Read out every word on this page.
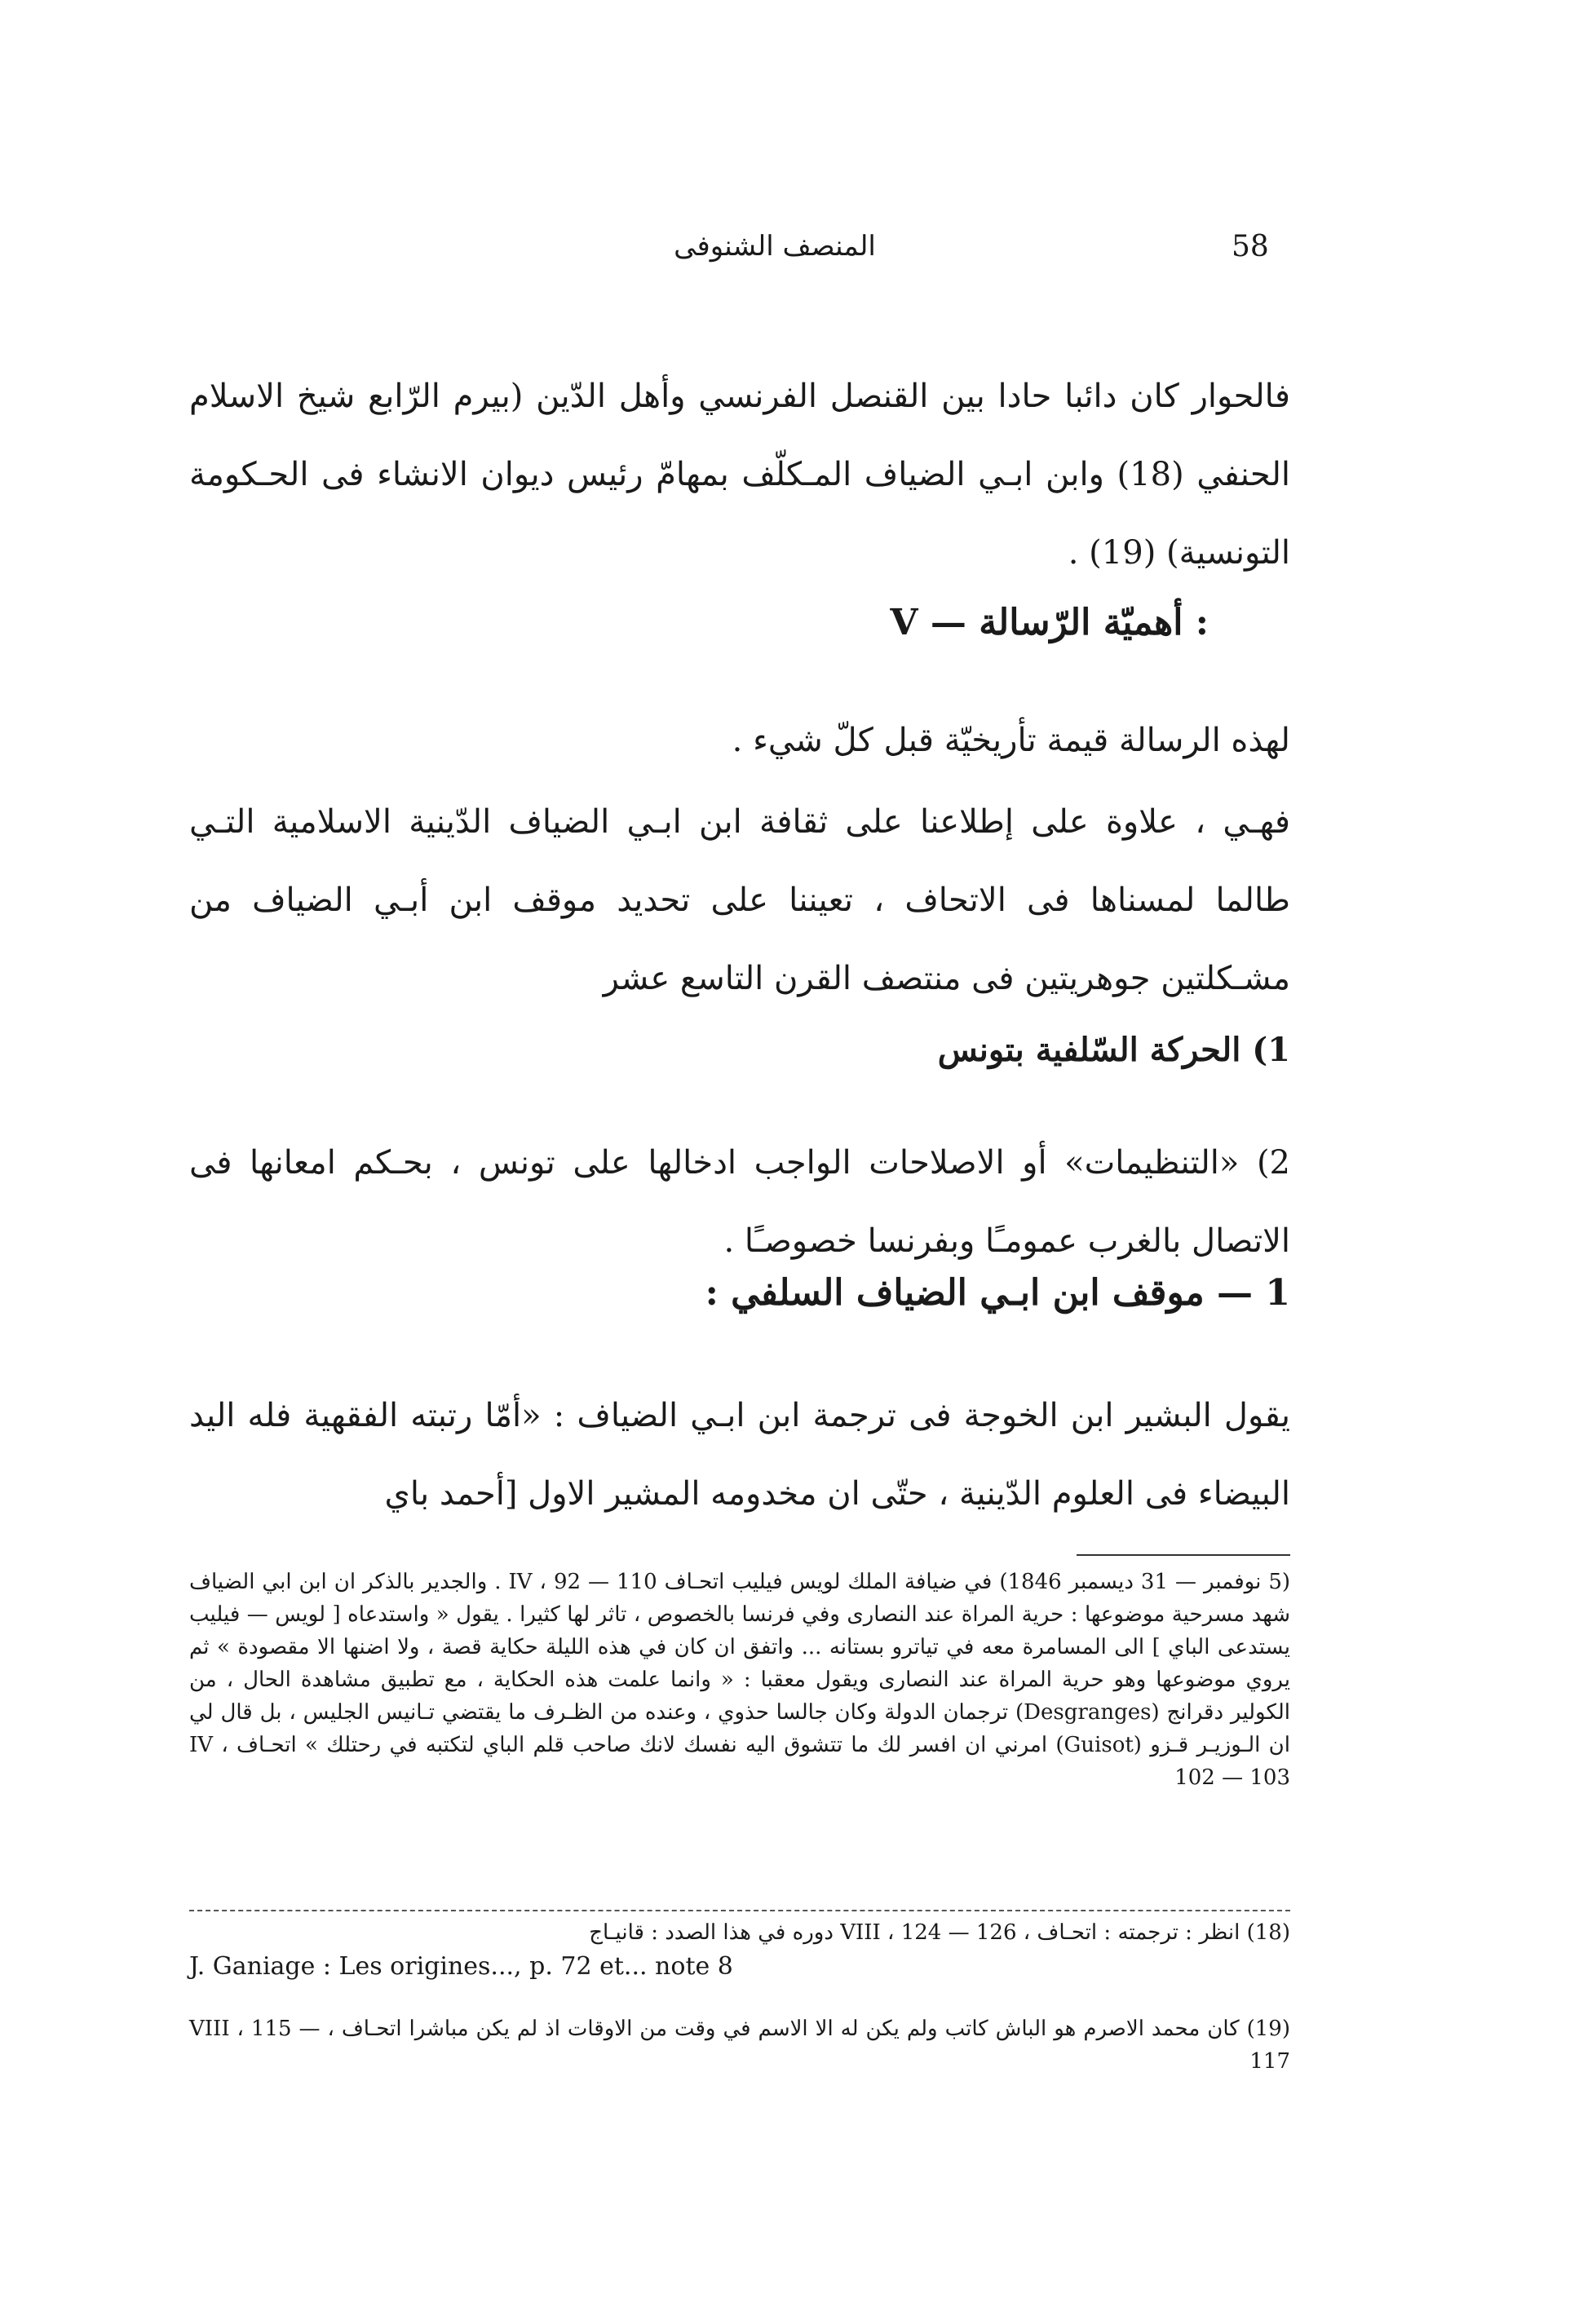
58
المنصف الشنوفى
فالحوار كان دائبا حادا بين القنصل الفرنسي وأهل الدّين (بيرم الرّابع شيخ الاسلام الحنفي (18) وابن ابـي الضياف المـكلّف بمهامّ رئيس ديوان الانشاء فى الحـكومة التونسية) (19) .
V — أهميّة الرّسالة :
لهذه الرسالة قيمة تأريخيّة قبل كلّ شيء .
فهـي ، علاوة على إطلاعنا على ثقافة ابن ابـي الضياف الدّينية الاسلامية التـي طالما لمسناها فى الاتحاف ، تعيننا على تحديد موقف ابن أبـي الضياف من مشـكلتين جوهريتين فى منتصف القرن التاسع عشر
1) الحركة السّلفية بتونس
2) «التنظيمات» أو الاصلاحات الواجب ادخالها على تونس ، بحـكم امعانها فى الاتصال بالغرب عمومـًا وبفرنسا خصوصـًا .
1 — موقف ابن ابـي الضياف السلفي :
يقول البشير ابن الخوجة فى ترجمة ابن ابـي الضياف : «أمّا رتبته الفقهية فله اليد البيضاء فى العلوم الدّينية ، حتّى ان مخدومه المشير الاول [أحمد باي
(5 نوفمبر — 31 ديسمبر 1846) في ضيافة الملك لويس فيليب اتحـاف IV ، 92 — 110 . والجدير بالذكر ان ابن ابي الضياف شهد مسرحية موضوعها : حرية المراة عند النصارى وفي فرنسا بالخصوص ، تاثر لها كثيرا . يقول « واستدعاه [ لويس — فيليب يستدعى الباي ] الى المسامرة معه في تياترو بستانه ... واتفق ان كان في هذه الليلة حكاية قصة ، ولا اضنها الا مقصودة » ثم يروي موضوعها وهو حرية المراة عند النصارى ويقول معقبا : « وانما علمت هذه الحكاية ، مع تطبيق مشاهدة الحال ، من الكولير دقرانج (Desgranges) ترجمان الدولة وكان جالسا حذوي ، وعنده من الظـرف ما يقتضي تـانيس الجليس ، بل قال لي ان الـوزيـر قـزو (Guisot) امرني ان افسر لك ما تتشوق اليه نفسك لانك صاحب قلم الباي لتكتبه في رحتلك » اتحـاف ، IV 102 — 103
(18) انظر : ترجمته : اتحـاف ، VIII ، 124 — 126 دوره في هذا الصدد : قانيـاج
J. Ganiage : Les origines..., p. 72 et... note 8
(19) كان محمد الاصرم هو الباش كاتب ولم يكن له الا الاسم في وقت من الاوقات اذ لم يكن مباشرا اتحـاف ، VIII ، 115 — 117
